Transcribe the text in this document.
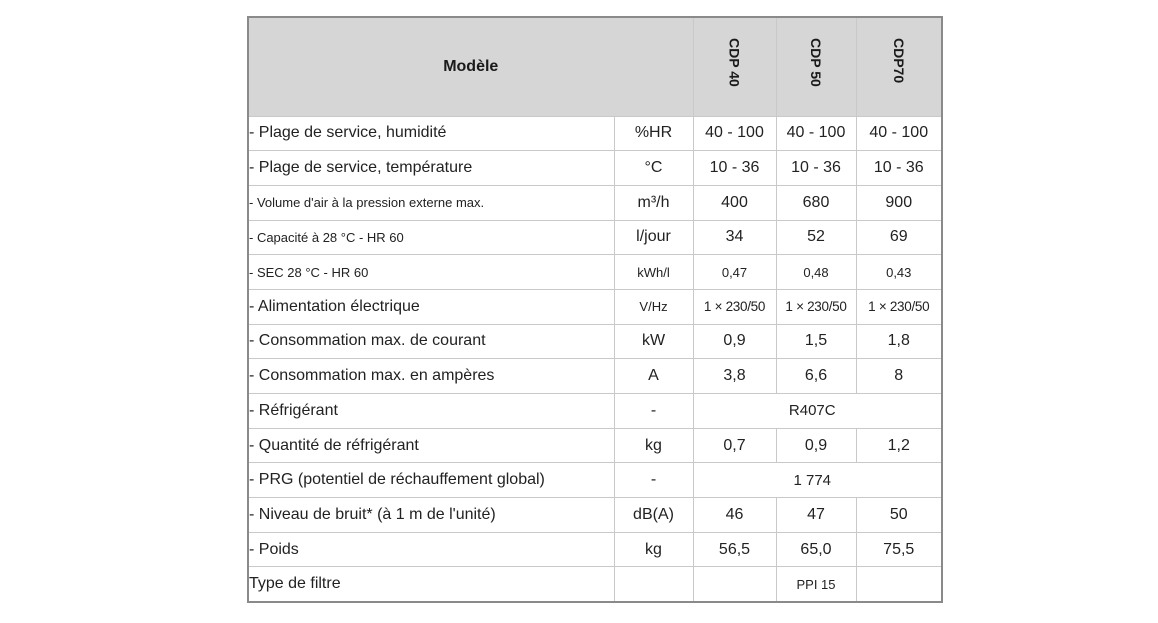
Modèle		CDP 40	CDP 50	CDP70

- Plage de service, humidité	%HR	40 - 100	40 - 100	40 - 100
- Plage de service, température	°C	10 - 36	10 - 36	10 - 36
- Volume d'air à la pression externe max.	m³/h	400	680	900
- Capacité à 28 °C - HR 60	l/jour	34	52	69
- SEC 28 °C - HR 60	kWh/l	0,47	0,48	0,43
- Alimentation électrique	V/Hz	1 × 230/50	1 × 230/50	1 × 230/50
- Consommation max. de courant	kW	0,9	1,5	1,8
- Consommation max. en ampères	A	3,8	6,6	8
- Réfrigérant	-	R407C		
- Quantité de réfrigérant	kg	0,7	0,9	1,2
- PRG (potentiel de réchauffement global)	-	1 774		
- Niveau de bruit* (à 1 m de l'unité)	dB(A)	46	47	50
- Poids	kg	56,5	65,0	75,5
Type de filtre			PPI 15	
